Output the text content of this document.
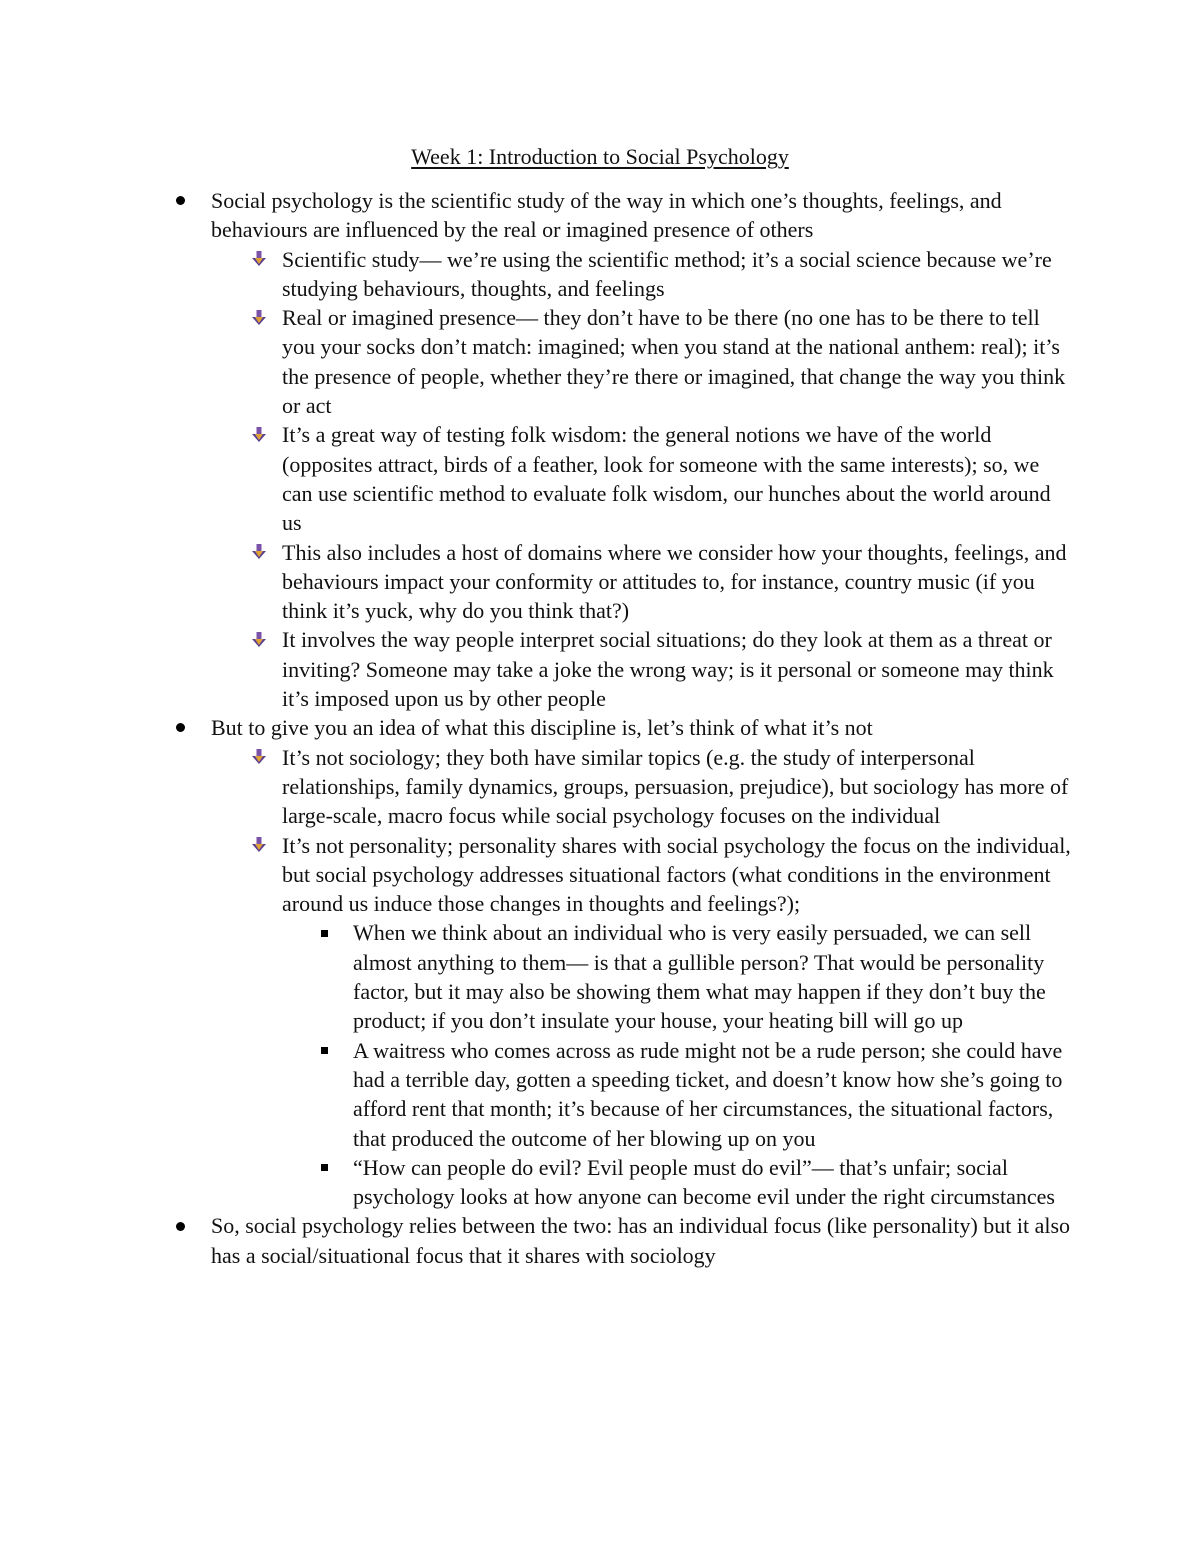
Week 1: Introduction to Social Psychology
Social psychology is the scientific study of the way in which one’s thoughts, feelings, and behaviours are influenced by the real or imagined presence of others
Scientific study— we’re using the scientific method; it’s a social science because we’re studying behaviours, thoughts, and feelings
Real or imagined presence— they don’t have to be there (no one has to be there to tell you your socks don’t match: imagined; when you stand at the national anthem: real); it’s the presence of people, whether they’re there or imagined, that change the way you think or act
It’s a great way of testing folk wisdom: the general notions we have of the world (opposites attract, birds of a feather, look for someone with the same interests); so, we can use scientific method to evaluate folk wisdom, our hunches about the world around us
This also includes a host of domains where we consider how your thoughts, feelings, and behaviours impact your conformity or attitudes to, for instance, country music (if you think it’s yuck, why do you think that?)
It involves the way people interpret social situations; do they look at them as a threat or inviting? Someone may take a joke the wrong way; is it personal or someone may think it’s imposed upon us by other people
But to give you an idea of what this discipline is, let’s think of what it’s not
It’s not sociology; they both have similar topics (e.g. the study of interpersonal relationships, family dynamics, groups, persuasion, prejudice), but sociology has more of large-scale, macro focus while social psychology focuses on the individual
It’s not personality; personality shares with social psychology the focus on the individual, but social psychology addresses situational factors (what conditions in the environment around us induce those changes in thoughts and feelings?);
When we think about an individual who is very easily persuaded, we can sell almost anything to them— is that a gullible person? That would be personality factor, but it may also be showing them what may happen if they don’t buy the product; if you don’t insulate your house, your heating bill will go up
A waitress who comes across as rude might not be a rude person; she could have had a terrible day, gotten a speeding ticket, and doesn’t know how she’s going to afford rent that month; it’s because of her circumstances, the situational factors, that produced the outcome of her blowing up on you
“How can people do evil? Evil people must do evil”— that’s unfair; social psychology looks at how anyone can become evil under the right circumstances
So, social psychology relies between the two: has an individual focus (like personality) but it also has a social/situational focus that it shares with sociology
